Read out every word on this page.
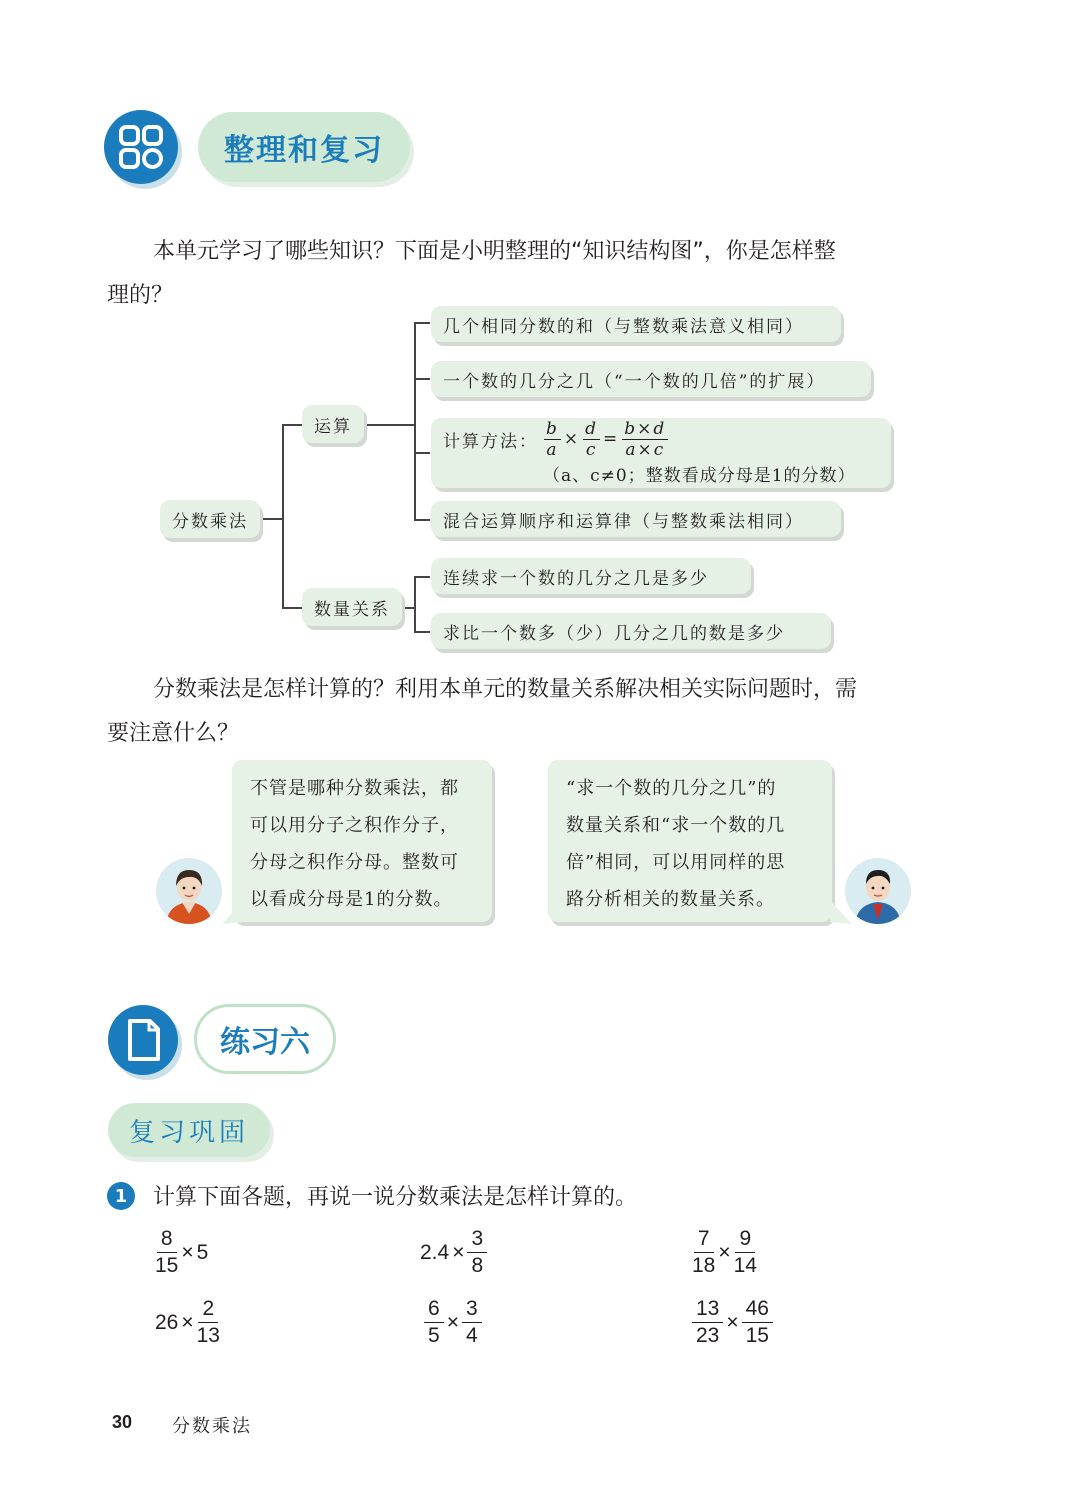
整理和复习
本单元学习了哪些知识？下面是小明整理的“知识结构图”，你是怎样整
理的？
分数乘法
运算
数量关系
几个相同分数的和（与整数乘法意义相同）
一个数的几分之几（“一个数的几倍”的扩展）
计算方法： $\frac{b}{a} \times \frac{d}{c} = \frac{b\times d}{a\times c}$
（a、c≠0；整数看成分母是1的分数）
混合运算顺序和运算律（与整数乘法相同）
连续求一个数的几分之几是多少
求比一个数多（少）几分之几的数是多少
分数乘法是怎样计算的？利用本单元的数量关系解决相关实际问题时，需
要注意什么？
不管是哪种分数乘法，都
可以用分子之积作分子，
分母之积作分母。整数可
以看成分母是1的分数。
“求一个数的几分之几”的
数量关系和“求一个数的几
倍”相同，可以用同样的思
路分析相关的数量关系。
练习六
复习巩固
1	计算下面各题，再说一说分数乘法是怎样计算的。
$\frac{8}{15} \times 5$	$2.4 \times \frac{3}{8}$	$\frac{7}{18} \times \frac{9}{14}$
$26 \times \frac{2}{13}$	$\frac{6}{5} \times \frac{3}{4}$	$\frac{13}{23} \times \frac{46}{15}$
30 分数乘法
